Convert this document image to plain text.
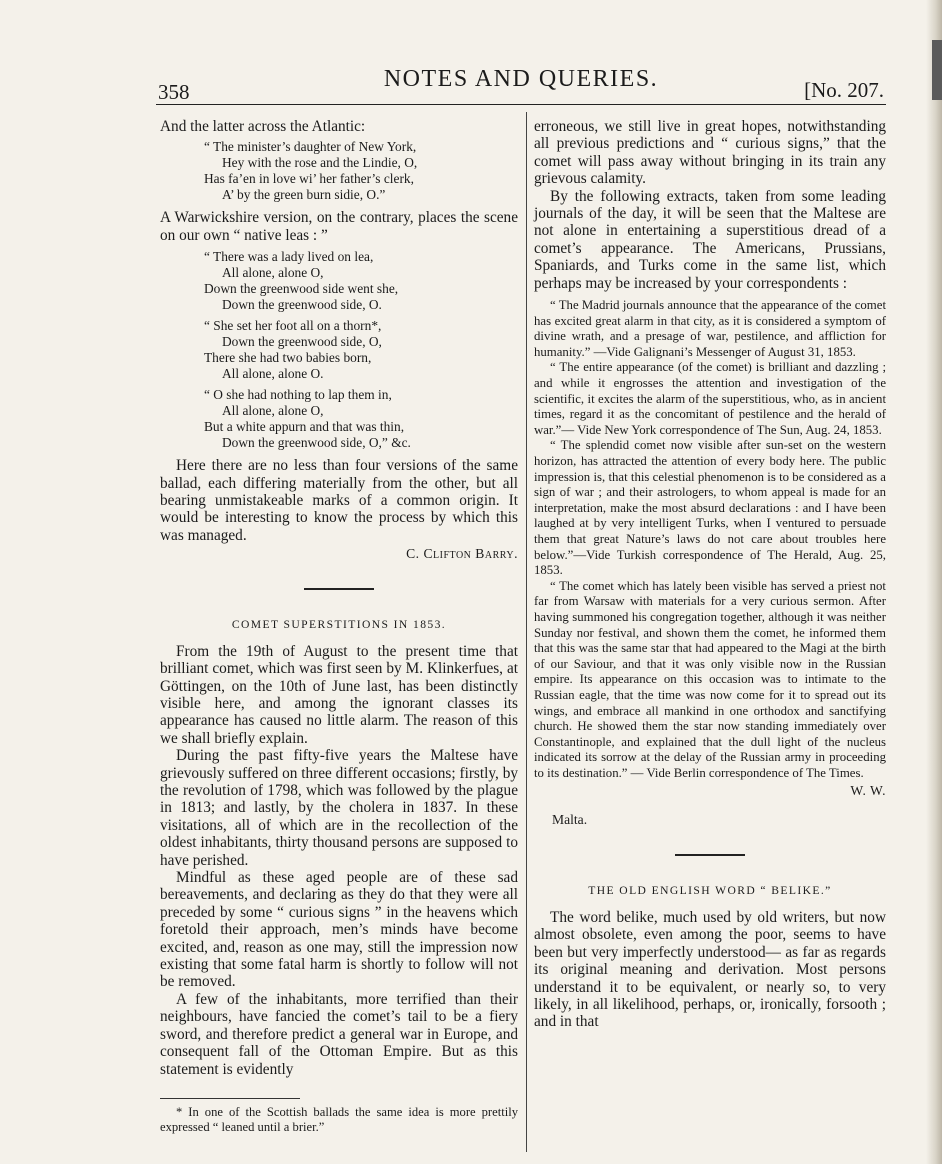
358	NOTES AND QUERIES.	[No. 207.

And the latter across the Atlantic:

“ The minister’s daughter of New York,
Hey with the rose and the Lindie, O,
Has fa’en in love wi’ her father’s clerk,
A’ by the green burn sidie, O.”

A Warwickshire version, on the contrary, places the scene on our own “ native leas : ”

“ There was a lady lived on lea,
All alone, alone O,
Down the greenwood side went she,
Down the greenwood side, O.
“ She set her foot all on a thorn*,
Down the greenwood side, O,
There she had two babies born,
All alone, alone O.
“ O she had nothing to lap them in,
All alone, alone O,
But a white appurn and that was thin,
Down the greenwood side, O,” &c.

Here there are no less than four versions of the same ballad, each differing materially from the other, but all bearing unmistakeable marks of a common origin. It would be interesting to know the process by which this was managed.

C. Clifton Barry.
COMET SUPERSTITIONS IN 1853.

From the 19th of August to the present time that brilliant comet, which was first seen by M. Klinkerfues, at Göttingen, on the 10th of June last, has been distinctly visible here, and among the ignorant classes its appearance has caused no little alarm. The reason of this we shall briefly explain.

During the past fifty-five years the Maltese have grievously suffered on three different occasions; firstly, by the revolution of 1798, which was followed by the plague in 1813; and lastly, by the cholera in 1837. In these visitations, all of which are in the recollection of the oldest inhabitants, thirty thousand persons are supposed to have perished.

Mindful as these aged people are of these sad bereavements, and declaring as they do that they were all preceded by some “ curious signs ” in the heavens which foretold their approach, men’s minds have become excited, and, reason as one may, still the impression now existing that some fatal harm is shortly to follow will not be removed.

A few of the inhabitants, more terrified than their neighbours, have fancied the comet’s tail to be a fiery sword, and therefore predict a general war in Europe, and consequent fall of the Ottoman Empire. But as this statement is evidently

* In one of the Scottish ballads the same idea is more prettily expressed “ leaned until a brier.”

erroneous, we still live in great hopes, notwithstanding all previous predictions and “ curious signs,” that the comet will pass away without bringing in its train any grievous calamity.

By the following extracts, taken from some leading journals of the day, it will be seen that the Maltese are not alone in entertaining a superstitious dread of a comet’s appearance. The Americans, Prussians, Spaniards, and Turks come in the same list, which perhaps may be increased by your correspondents :

“ The Madrid journals announce that the appearance of the comet has excited great alarm in that city, as it is considered a symptom of divine wrath, and a presage of war, pestilence, and affliction for humanity.” —Vide Galignani’s Messenger of August 31, 1853.

“ The entire appearance (of the comet) is brilliant and dazzling ; and while it engrosses the attention and investigation of the scientific, it excites the alarm of the superstitious, who, as in ancient times, regard it as the concomitant of pestilence and the herald of war.”— Vide New York correspondence of The Sun, Aug. 24, 1853.

“ The splendid comet now visible after sun-set on the western horizon, has attracted the attention of every body here. The public impression is, that this celestial phenomenon is to be considered as a sign of war ; and their astrologers, to whom appeal is made for an interpretation, make the most absurd declarations : and I have been laughed at by very intelligent Turks, when I ventured to persuade them that great Nature’s laws do not care about troubles here below.”—Vide Turkish correspondence of The Herald, Aug. 25, 1853.

“ The comet which has lately been visible has served a priest not far from Warsaw with materials for a very curious sermon. After having summoned his congregation together, although it was neither Sunday nor festival, and shown them the comet, he informed them that this was the same star that had appeared to the Magi at the birth of our Saviour, and that it was only visible now in the Russian empire. Its appearance on this occasion was to intimate to the Russian eagle, that the time was now come for it to spread out its wings, and embrace all mankind in one orthodox and sanctifying church. He showed them the star now standing immediately over Constantinople, and explained that the dull light of the nucleus indicated its sorrow at the delay of the Russian army in proceeding to its destination.” — Vide Berlin correspondence of The Times.

W. W.
Malta.
THE OLD ENGLISH WORD “ BELIKE.”

The word belike, much used by old writers, but now almost obsolete, even among the poor, seems to have been but very imperfectly understood— as far as regards its original meaning and derivation. Most persons understand it to be equivalent, or nearly so, to very likely, in all likelihood, perhaps, or, ironically, forsooth ; and in that
